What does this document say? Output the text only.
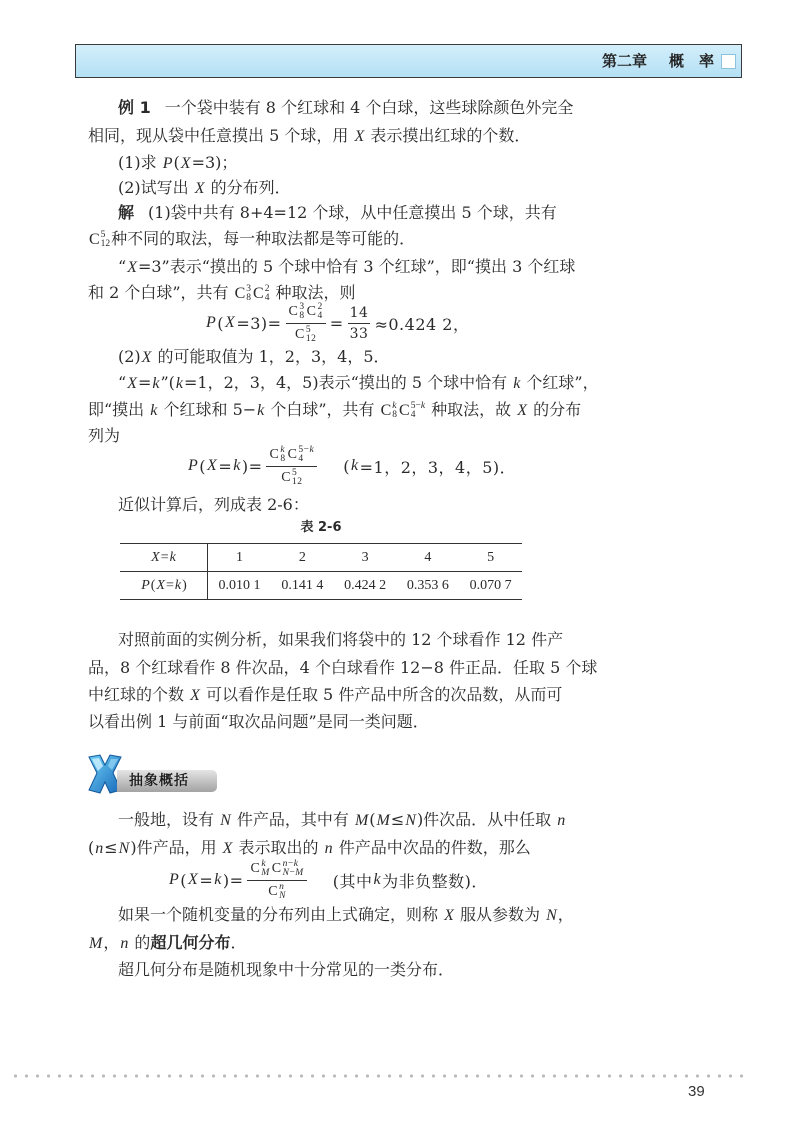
第二章 概　率
例 1 一个袋中装有 8 个红球和 4 个白球，这些球除颜色外完全
相同，现从袋中任意摸出 5 个球，用 X 表示摸出红球的个数．
(1)求 P(X=3)；
(2)试写出 X 的分布列．
解 (1)袋中共有 8+4=12 个球，从中任意摸出 5 个球，共有
C 5
12 种不同的取法，每一种取法都是等可能的．
“X=3”表示“摸出的 5 个球中恰有 3 个红球”，即“摸出 3 个红球
和 2 个白球”，共有 C 3
8 C 2
4 种取法，则
P ( X =3)= C 3
8 C 2
4
C 5
$12 = \frac{14}{33} \approx 0.424$ 2，
(2)X 的可能取值为 1，2，3，4，5．
“X=k”(k=1，2，3，4，5)表示“摸出的 5 个球中恰有 k 个红球”，
即“摸出 k 个红球和 5−k 个白球”，共有 C k
8 C 5−k
4 种取法，故 X 的分布
列为
P ( X = k )= C k
8 C 5−k
4
C 5
12 ( k =1，2，3，4，5)．
近似计算后，列成表 2-6：
表 2-6
X=k	1	2	3	4	5
P(X=k)	0.010 1	0.141 4	0.424 2	0.353 6	0.070 7
对照前面的实例分析，如果我们将袋中的 12 个球看作 12 件产
品，8 个红球看作 8 件次品，4 个白球看作 12−8 件正品．任取 5 个球
中红球的个数 X 可以看作是任取 5 件产品中所含的次品数，从而可
以看出例 1 与前面“取次品问题”是同一类问题．
抽象概括
一般地，设有 N 件产品，其中有 M(M≤N)件次品．从中任取 n
(n≤N)件产品，用 X 表示取出的 n 件产品中次品的件数，那么
P ( X = k )= C k
M C n−k
N−M
C n
N (其中 k 为非负整数)．
如果一个随机变量的分布列由上式确定，则称 X 服从参数为 N，
M，n 的超几何分布．
超几何分布是随机现象中十分常见的一类分布．
39
